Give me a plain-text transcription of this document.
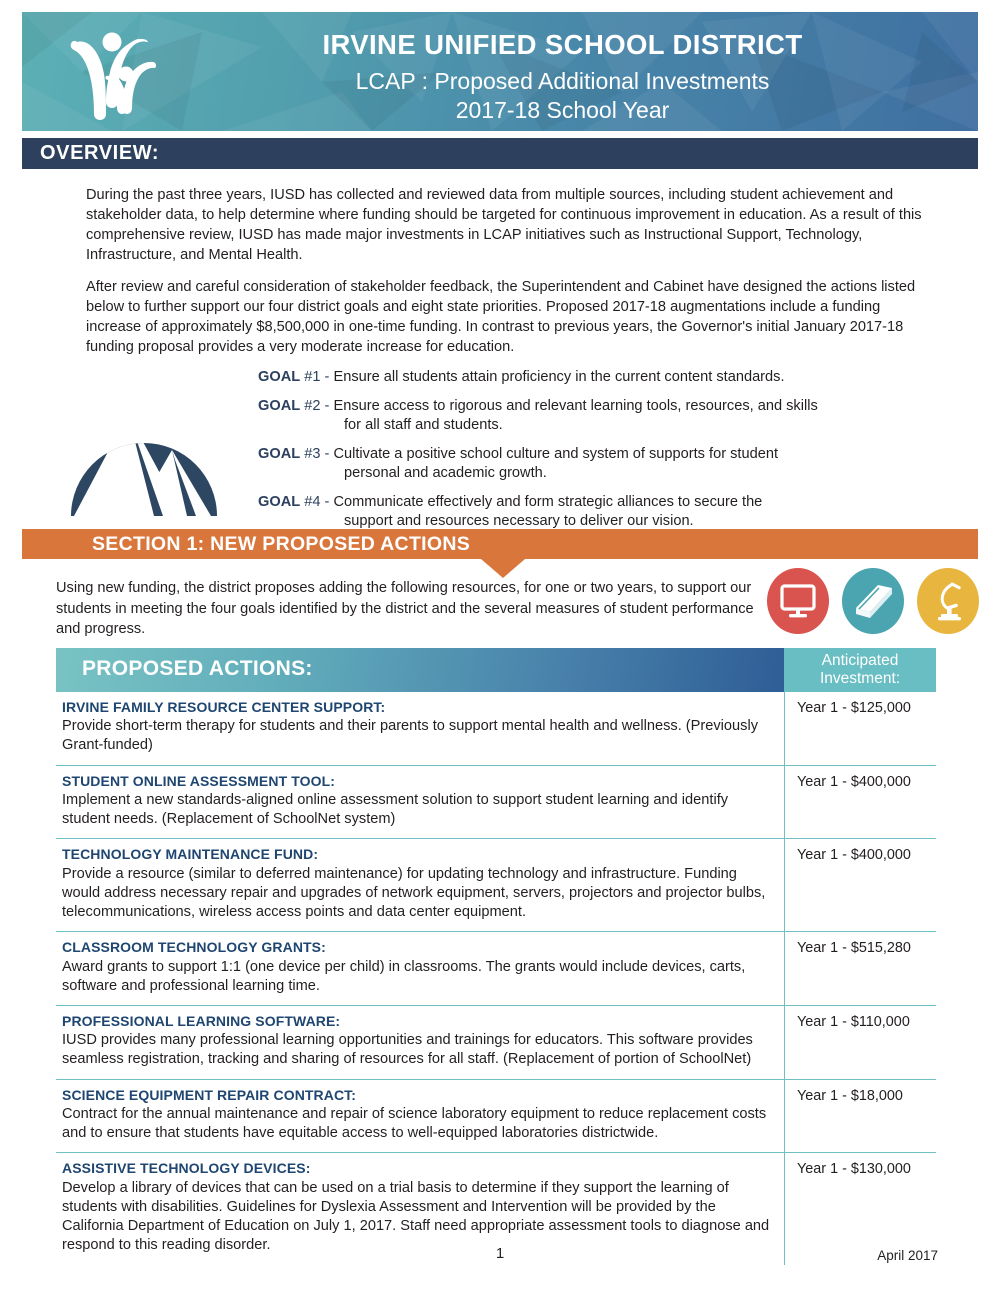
IRVINE UNIFIED SCHOOL DISTRICT
LCAP : Proposed Additional Investments
2017-18 School Year
OVERVIEW:
During the past three years, IUSD has collected and reviewed data from multiple sources, including student achievement and stakeholder data, to help determine where funding should be targeted for continuous improvement in education. As a result of this comprehensive review, IUSD has made major investments in LCAP initiatives such as Instructional Support, Technology, Infrastructure, and Mental Health.
After review and careful consideration of stakeholder feedback, the Superintendent and Cabinet have designed the actions listed below to further support our four district goals and eight state priorities. Proposed 2017-18 augmentations include a funding increase of approximately $8,500,000 in one-time funding. In contrast to previous years, the Governor's initial January 2017-18 funding proposal provides a very moderate increase for education.
GOAL #1 - Ensure all students attain proficiency in the current content standards.
GOAL #2 - Ensure access to rigorous and relevant learning tools, resources, and skills
for all staff and students.
GOAL #3 - Cultivate a positive school culture and system of supports for student
personal and academic growth.
GOAL #4 - Communicate effectively and form strategic alliances to secure the
support and resources necessary to deliver our vision.
SECTION 1: NEW PROPOSED ACTIONS
Using new funding, the district proposes adding the following resources, for one or two years, to support our students in meeting the four goals identified by the district and the several measures of student performance and progress.
PROPOSED ACTIONS:	Anticipated
Investment:
IRVINE FAMILY RESOURCE CENTER SUPPORT:
Provide short-term therapy for students and their parents to support mental health and wellness. (Previously Grant-funded)
Year 1 - $125,000
STUDENT ONLINE ASSESSMENT TOOL:
Implement a new standards-aligned online assessment solution to support student learning and identify student needs. (Replacement of SchoolNet system)
Year 1 - $400,000
TECHNOLOGY MAINTENANCE FUND:
Provide a resource (similar to deferred maintenance) for updating technology and infrastructure. Funding would address necessary repair and upgrades of network equipment, servers, projectors and projector bulbs, telecommunications, wireless access points and data center equipment.
Year 1 - $400,000
CLASSROOM TECHNOLOGY GRANTS:
Award grants to support 1:1 (one device per child) in classrooms. The grants would include devices, carts, software and professional learning time.
Year 1 - $515,280
PROFESSIONAL LEARNING SOFTWARE:
IUSD provides many professional learning opportunities and trainings for educators. This software provides seamless registration, tracking and sharing of resources for all staff. (Replacement of portion of SchoolNet)
Year 1 - $110,000
SCIENCE EQUIPMENT REPAIR CONTRACT:
Contract for the annual maintenance and repair of science laboratory equipment to reduce replacement costs and to ensure that students have equitable access to well-equipped laboratories districtwide.
Year 1 - $18,000
ASSISTIVE TECHNOLOGY DEVICES:
Develop a library of devices that can be used on a trial basis to determine if they support the learning of students with disabilities. Guidelines for Dyslexia Assessment and Intervention will be provided by the California Department of Education on July 1, 2017. Staff need appropriate assessment tools to diagnose and respond to this reading disorder.
Year 1 - $130,000
1	April 2017
